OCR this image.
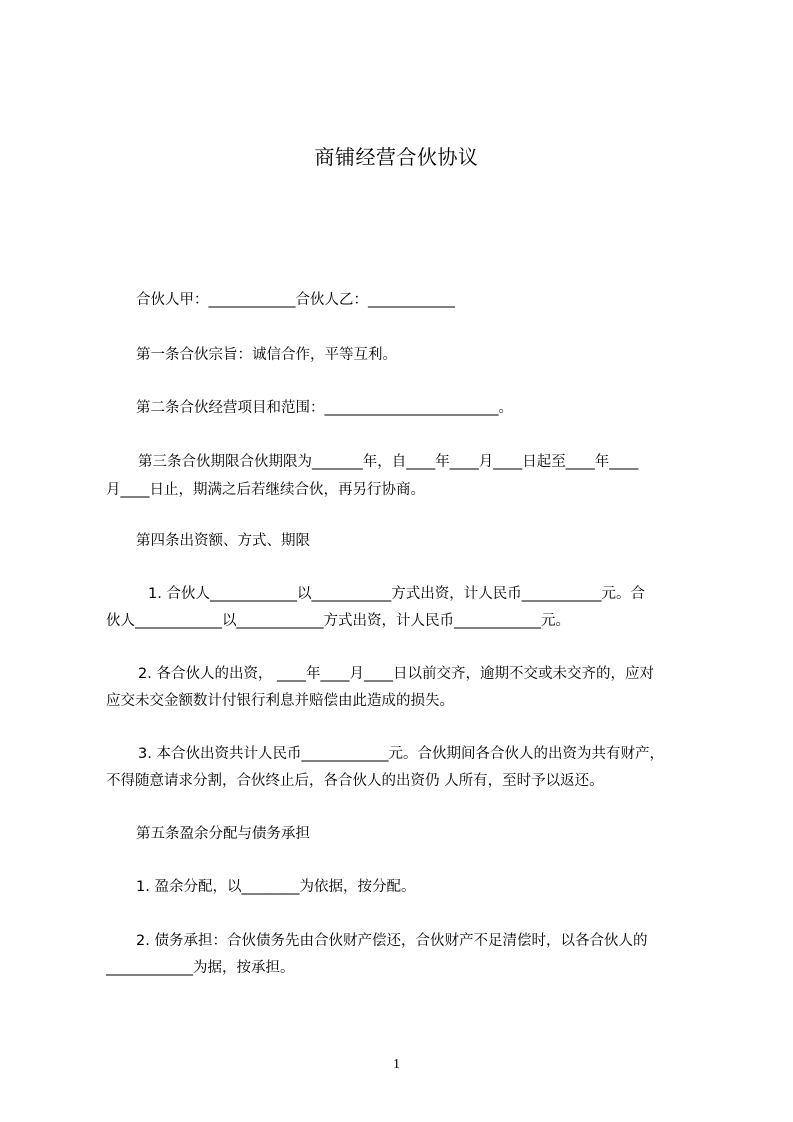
商铺经营合伙协议
合伙人甲：____________合伙人乙：____________
第一条合伙宗旨：诚信合作，平等互利。
第二条合伙经营项目和范围：________________________。
第三条合伙期限合伙期限为_______年，自____年____月____日起至____年____
月____日止，期满之后若继续合伙，再另行协商。
第四条出资额、方式、期限
1. 合伙人____________以___________方式出资，计人民币___________元。合
伙人____________以____________方式出资，计人民币____________元。
2. 各合伙人的出资， ____年____月____日以前交齐，逾期不交或未交齐的，应对
应交未交金额数计付银行利息并赔偿由此造成的损失。
3. 本合伙出资共计人民币____________元。合伙期间各合伙人的出资为共有财产，
不得随意请求分割，合伙终止后，各合伙人的出资仍 人所有，至时予以返还。
第五条盈余分配与债务承担
1. 盈余分配，以________为依据，按分配。
2. 债务承担：合伙债务先由合伙财产偿还，合伙财产不足清偿时，以各合伙人的
____________为据，按承担。
1
